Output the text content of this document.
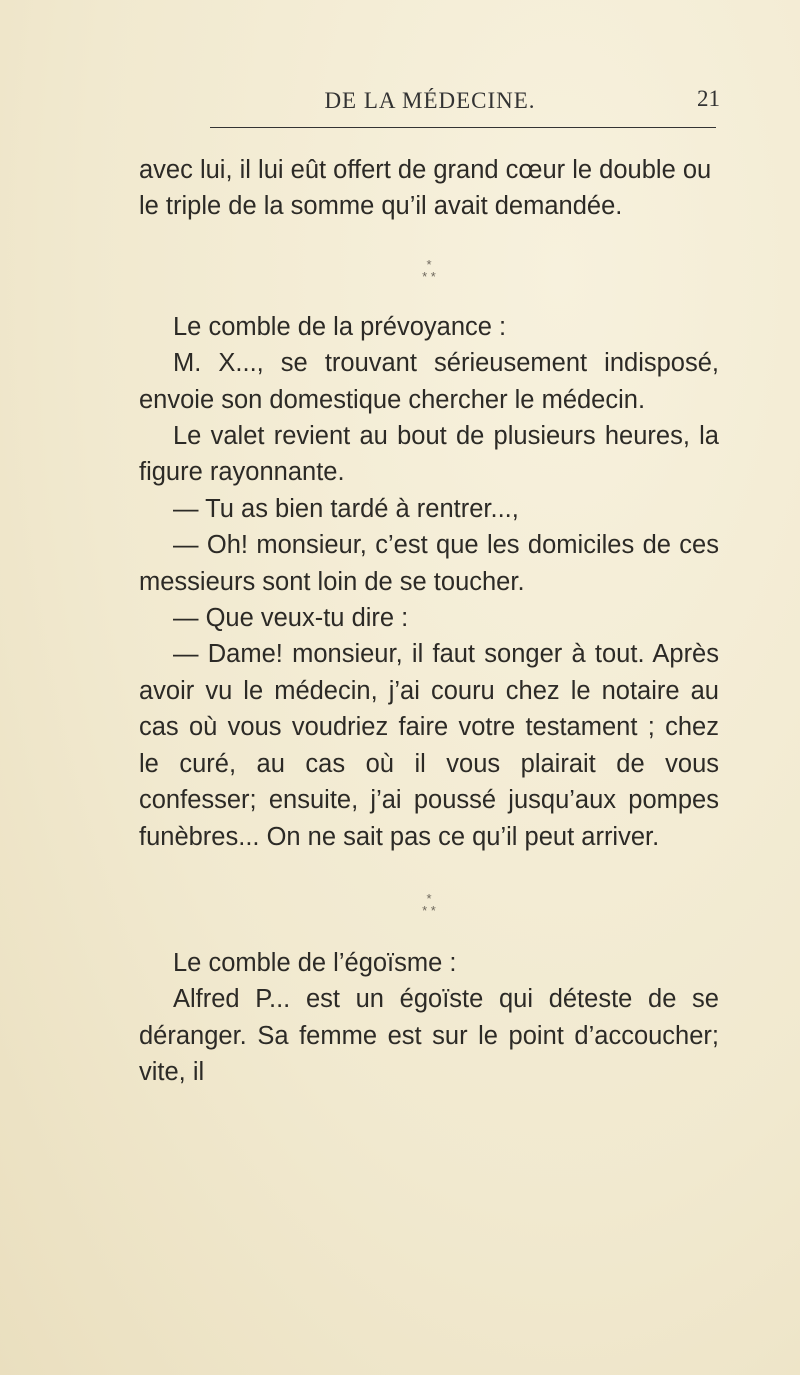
DE LA MÉDECINE.	21

avec lui, il lui eût offert de grand cœur le double ou

le triple de la somme qu’il avait demandée.

*
* *

Le comble de la prévoyance :

M. X..., se trouvant sérieusement indisposé, envoie son domestique chercher le médecin.

Le valet revient au bout de plusieurs heures, la figure rayonnante.

— Tu as bien tardé à rentrer...,

— Oh! monsieur, c’est que les domiciles de ces messieurs sont loin de se toucher.

— Que veux-tu dire :

— Dame! monsieur, il faut songer à tout. Après avoir vu le médecin, j’ai couru chez le notaire au cas où vous voudriez faire votre testament ; chez le curé, au cas où il vous plairait de vous confesser; ensuite, j’ai poussé jusqu’aux pompes funèbres... On ne sait pas ce qu’il peut arriver.

*
* *

Le comble de l’égoïsme :

Alfred P... est un égoïste qui déteste de se déranger. Sa femme est sur le point d’accoucher; vite, il
